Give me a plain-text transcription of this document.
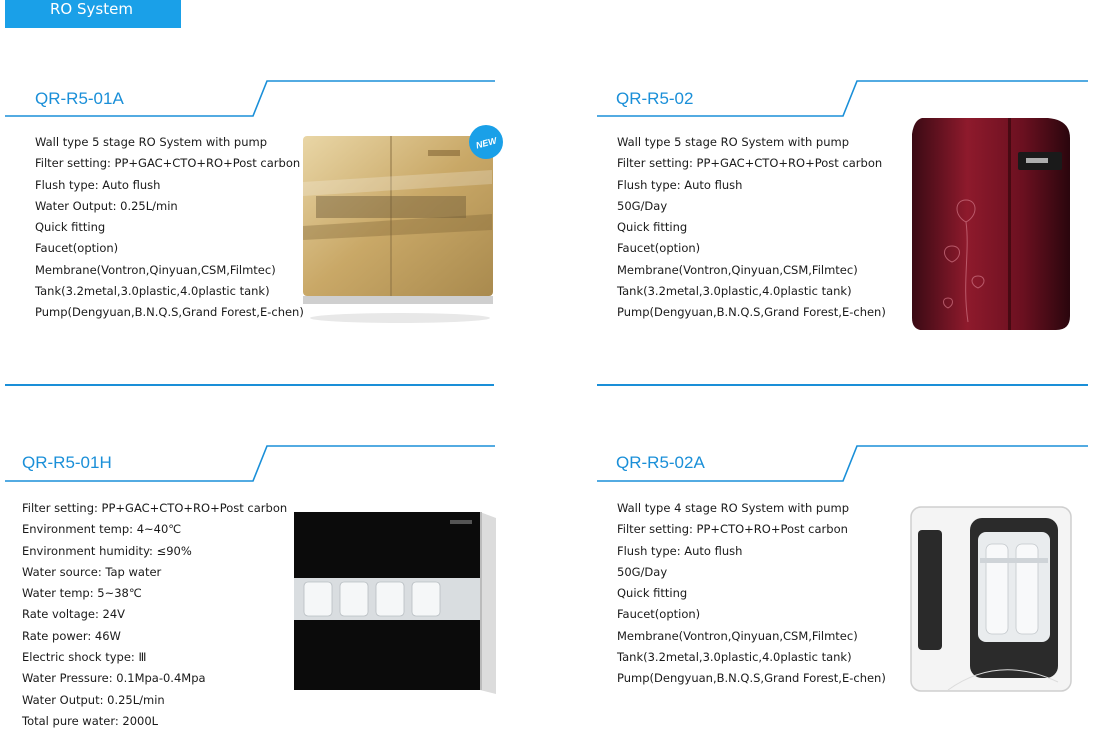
RO System
QR-R5-01A
Wall type 5 stage RO System with pump
Filter setting: PP+GAC+CTO+RO+Post carbon
Flush type: Auto flush
Water Output: 0.25L/min
Quick fitting
Faucet(option)
Membrane(Vontron,Qinyuan,CSM,Filmtec)
Tank(3.2metal,3.0plastic,4.0plastic tank)
Pump(Dengyuan,B.N.Q.S,Grand Forest,E-chen)
NEW
QR-R5-02
Wall type 5 stage RO System with pump
Filter setting: PP+GAC+CTO+RO+Post carbon
Flush type: Auto flush
50G/Day
Quick fitting
Faucet(option)
Membrane(Vontron,Qinyuan,CSM,Filmtec)
Tank(3.2metal,3.0plastic,4.0plastic tank)
Pump(Dengyuan,B.N.Q.S,Grand Forest,E-chen)
QR-R5-01H
Filter setting: PP+GAC+CTO+RO+Post carbon
Environment temp: 4~40℃
Environment humidity: ≤90%
Water source: Tap water
Water temp: 5~38℃
Rate voltage: 24V
Rate power: 46W
Electric shock type: Ⅲ
Water Pressure: 0.1Mpa-0.4Mpa
Water Output: 0.25L/min
Total pure water: 2000L
QR-R5-02A
Wall type 4 stage RO System with pump
Filter setting: PP+CTO+RO+Post carbon
Flush type: Auto flush
50G/Day
Quick fitting
Faucet(option)
Membrane(Vontron,Qinyuan,CSM,Filmtec)
Tank(3.2metal,3.0plastic,4.0plastic tank)
Pump(Dengyuan,B.N.Q.S,Grand Forest,E-chen)
